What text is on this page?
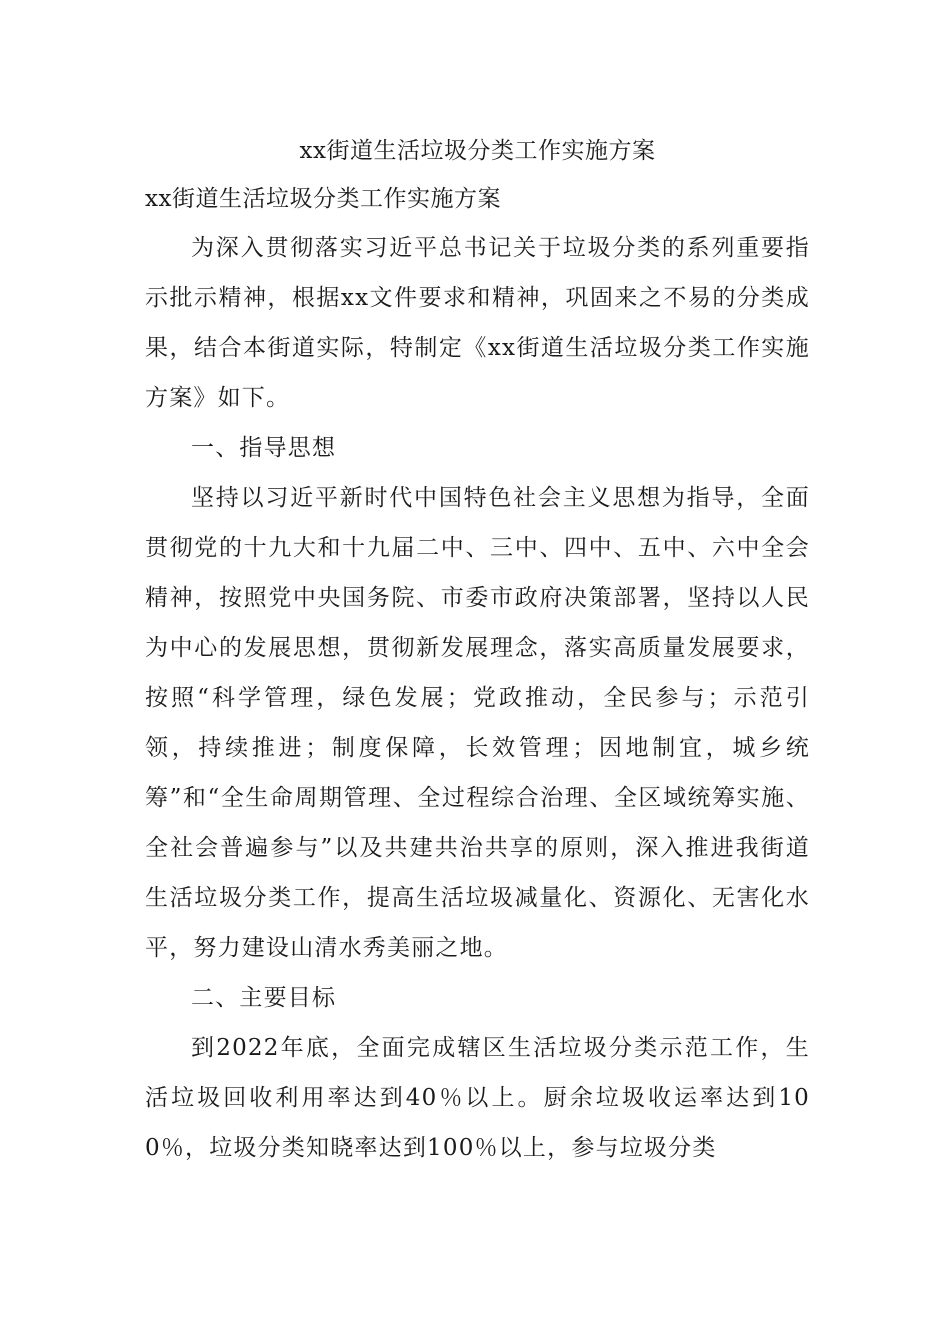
xx街道生活垃圾分类工作实施方案

xx街道生活垃圾分类工作实施方案

为深入贯彻落实习近平总书记关于垃圾分类的系列重要指示批示精神，根据xx文件要求和精神，巩固来之不易的分类成果，结合本街道实际，特制定《xx街道生活垃圾分类工作实施方案》如下。

一、指导思想

坚持以习近平新时代中国特色社会主义思想为指导，全面贯彻党的十九大和十九届二中、三中、四中、五中、六中全会精神，按照党中央国务院、市委市政府决策部署，坚持以人民为中心的发展思想，贯彻新发展理念，落实高质量发展要求，按照“科学管理，绿色发展；党政推动，全民参与；示范引领，持续推进；制度保障，长效管理；因地制宜，城乡统筹”和“全生命周期管理、全过程综合治理、全区域统筹实施、全社会普遍参与”以及共建共治共享的原则，深入推进我街道生活垃圾分类工作，提高生活垃圾减量化、资源化、无害化水平，努力建设山清水秀美丽之地。

二、主要目标

到2022年底，全面完成辖区生活垃圾分类示范工作，生活垃圾回收利用率达到40％以上。厨余垃圾收运率达到100％，垃圾分类知晓率达到100％以上，参与垃圾分类
